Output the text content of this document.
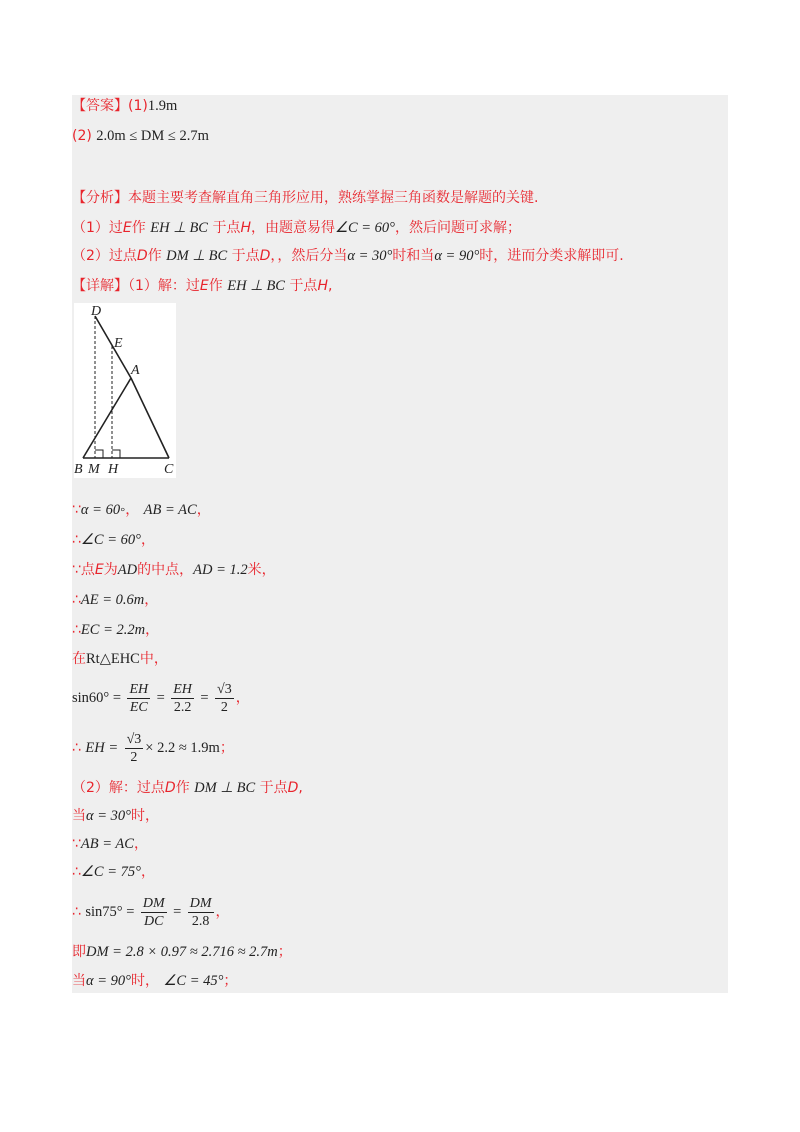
【答案】(1)1.9m
(2) 2.0m ≤ DM ≤ 2.7m
【分析】本题主要考查解直角三角形应用，熟练掌握三角函数是解题的关键.
（1）过E作 EH ⊥ BC 于点H，由题意易得∠C = 60°，然后问题可求解；
（2）过点D作 DM ⊥ BC 于点D，，然后分当α = 30°时和当α = 90°时，进而分类求解即可.
【详解】（1）解：过E作 EH ⊥ BC 于点H,
D
E
A
B M H	C
∵α = 60◦， AB = AC，
∴∠C = 60°，
∵点E为AD的中点，AD = 1.2米，
∴AE = 0.6m，
∴EC = 2.2m，
在Rt△EHC中，
$\sin 60^\circ = \frac{EH}{EC} = \frac{EH}{2.2} = \frac{√3}{2}$ ，
∴ EH = $\frac{√3}{2} \times 2.2 \approx 1.9m$；
（2）解：过点D作 DM ⊥ BC 于点D,
当α = 30°时，
∵AB = AC，
∴∠C = 75°，
∴ $\sin 75^\circ = \frac{DM}{DC} = \frac{DM}{2.8}$ ，
即DM = 2.8 × 0.97 ≈ 2.716 ≈ 2.7m；
当α = 90°时， ∠C = 45°；
